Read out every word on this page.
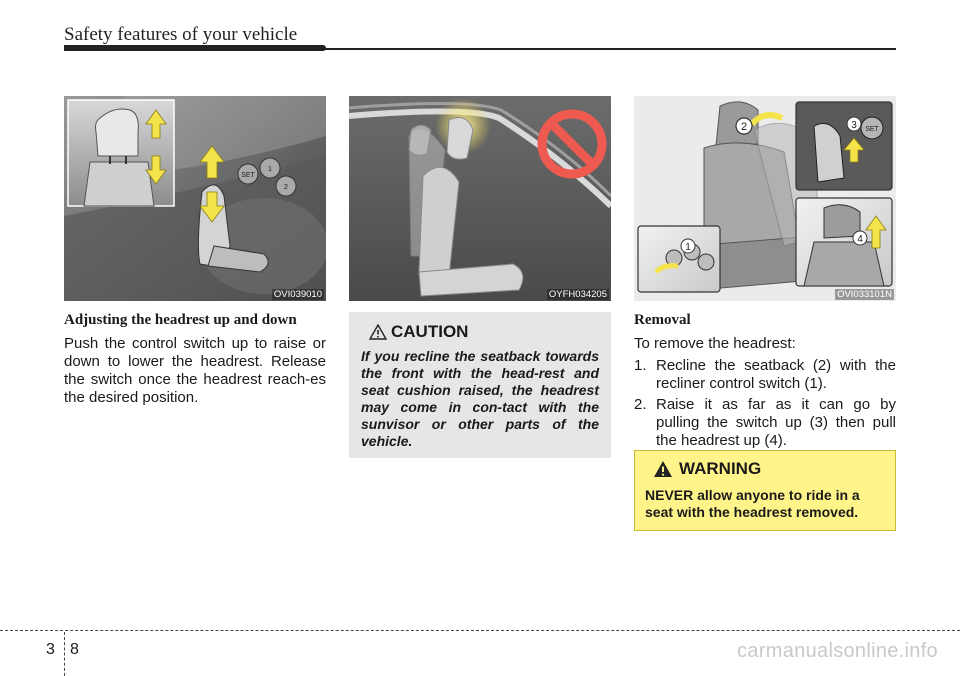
Safety features of your vehicle
SET
1
2
OVI039010	OYFH034205
2
1
SET
3
4
OVI033101N

Adjusting the headrest up and down

Push the control switch up to raise or down to lower the headrest. Release the switch once the headrest reach-es the desired position.

CAUTION

If you recline the seatback towards the front with the head-rest and seat cushion raised, the headrest may come in con-tact with the sunvisor or other parts of the vehicle.

Removal

To remove the headrest:

1. Recline the seatback (2) with the recliner control switch (1).
2. Raise it as far as it can go by pulling the switch up (3) then pull the headrest up (4).
WARNING

NEVER allow anyone to ride in a seat with the headrest removed.

3 8	carmanualsonline.info
